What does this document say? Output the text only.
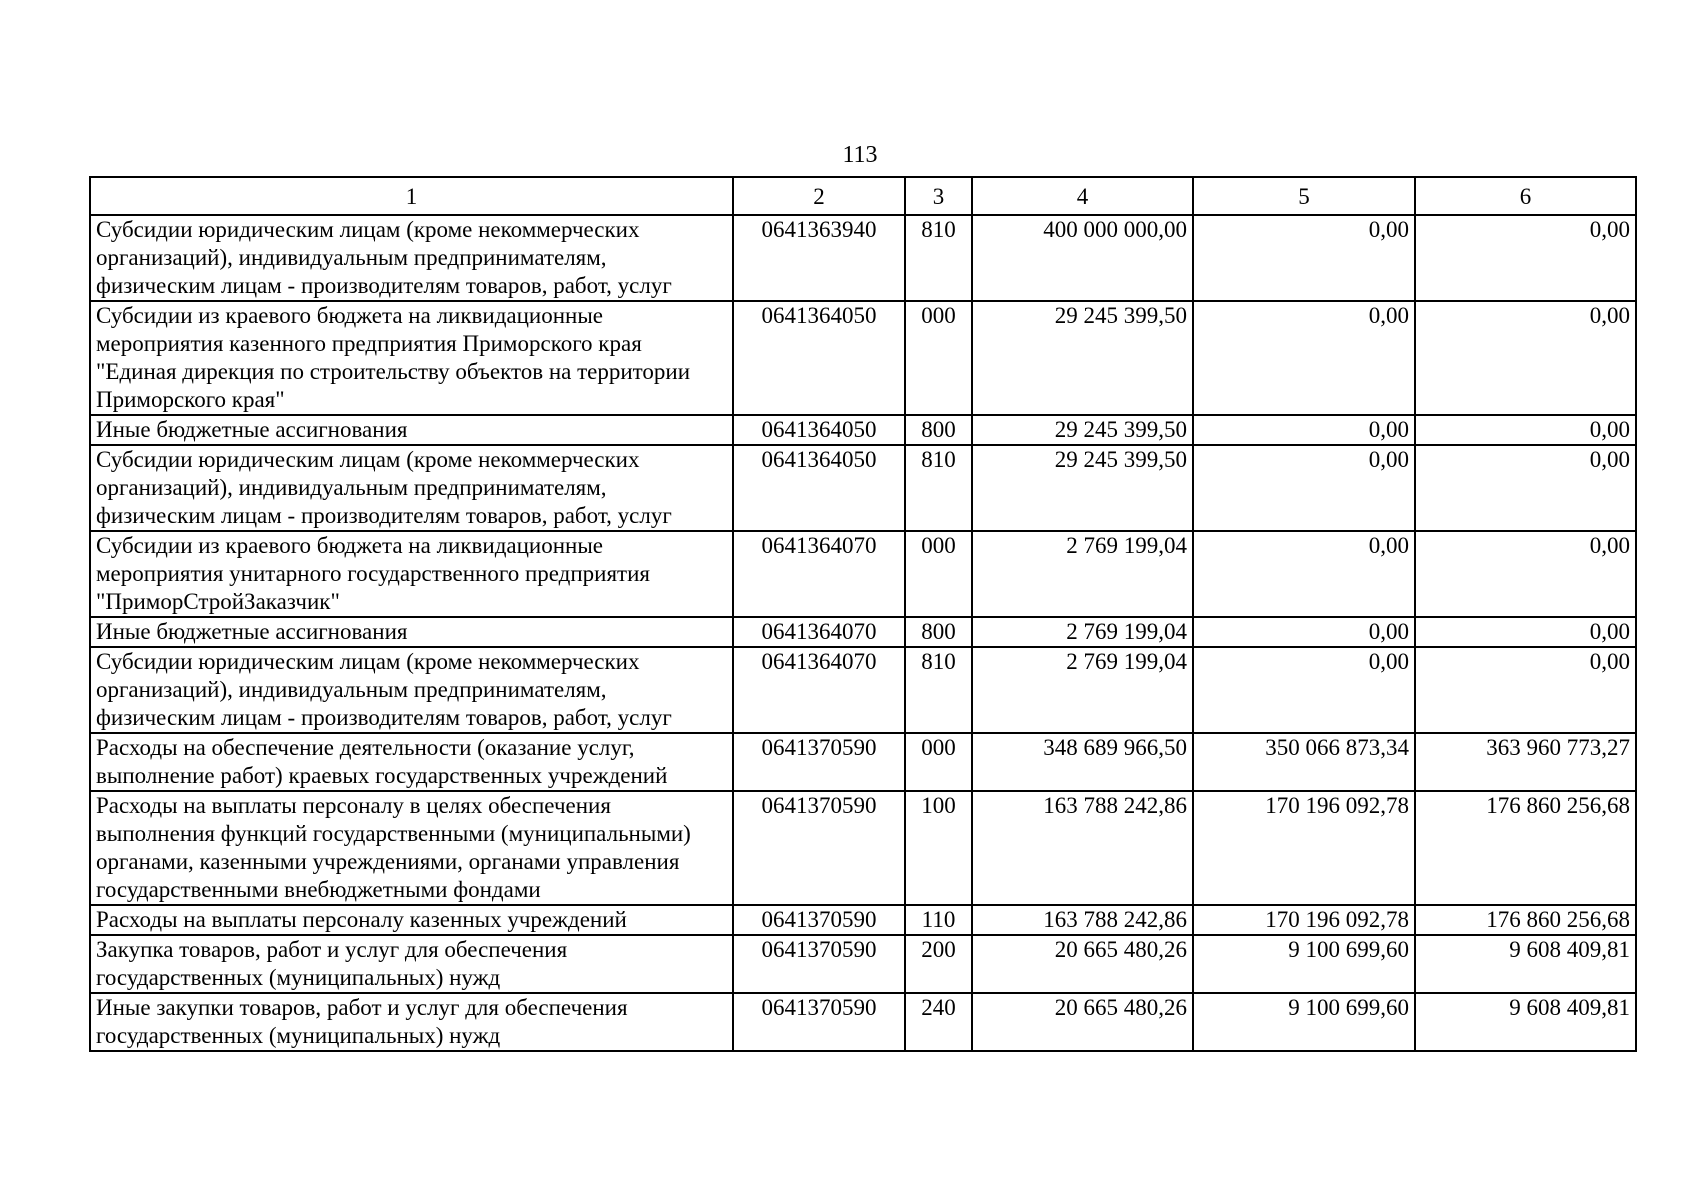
113
1	2	3	4	5	6
Субсидии юридическим лицам (кроме некоммерческих организаций), индивидуальным предпринимателям, физическим лицам - производителям товаров, работ, услуг	0641363940	810	400 000 000,00	0,00	0,00
Субсидии из краевого бюджета на ликвидационные мероприятия казенного предприятия Приморского края "Единая дирекция по строительству объектов на территории Приморского края"	0641364050	000	29 245 399,50	0,00	0,00
Иные бюджетные ассигнования	0641364050	800	29 245 399,50	0,00	0,00
Субсидии юридическим лицам (кроме некоммерческих организаций), индивидуальным предпринимателям, физическим лицам - производителям товаров, работ, услуг	0641364050	810	29 245 399,50	0,00	0,00
Субсидии из краевого бюджета на ликвидационные мероприятия унитарного государственного предприятия "ПриморСтройЗаказчик"	0641364070	000	2 769 199,04	0,00	0,00
Иные бюджетные ассигнования	0641364070	800	2 769 199,04	0,00	0,00
Субсидии юридическим лицам (кроме некоммерческих организаций), индивидуальным предпринимателям, физическим лицам - производителям товаров, работ, услуг	0641364070	810	2 769 199,04	0,00	0,00
Расходы на обеспечение деятельности (оказание услуг, выполнение работ) краевых государственных учреждений	0641370590	000	348 689 966,50	350 066 873,34	363 960 773,27
Расходы на выплаты персоналу в целях обеспечения выполнения функций государственными (муниципальными) органами, казенными учреждениями, органами управления государственными внебюджетными фондами	0641370590	100	163 788 242,86	170 196 092,78	176 860 256,68
Расходы на выплаты персоналу казенных учреждений	0641370590	110	163 788 242,86	170 196 092,78	176 860 256,68
Закупка товаров, работ и услуг для обеспечения государственных (муниципальных) нужд	0641370590	200	20 665 480,26	9 100 699,60	9 608 409,81
Иные закупки товаров, работ и услуг для обеспечения государственных (муниципальных) нужд	0641370590	240	20 665 480,26	9 100 699,60	9 608 409,81
